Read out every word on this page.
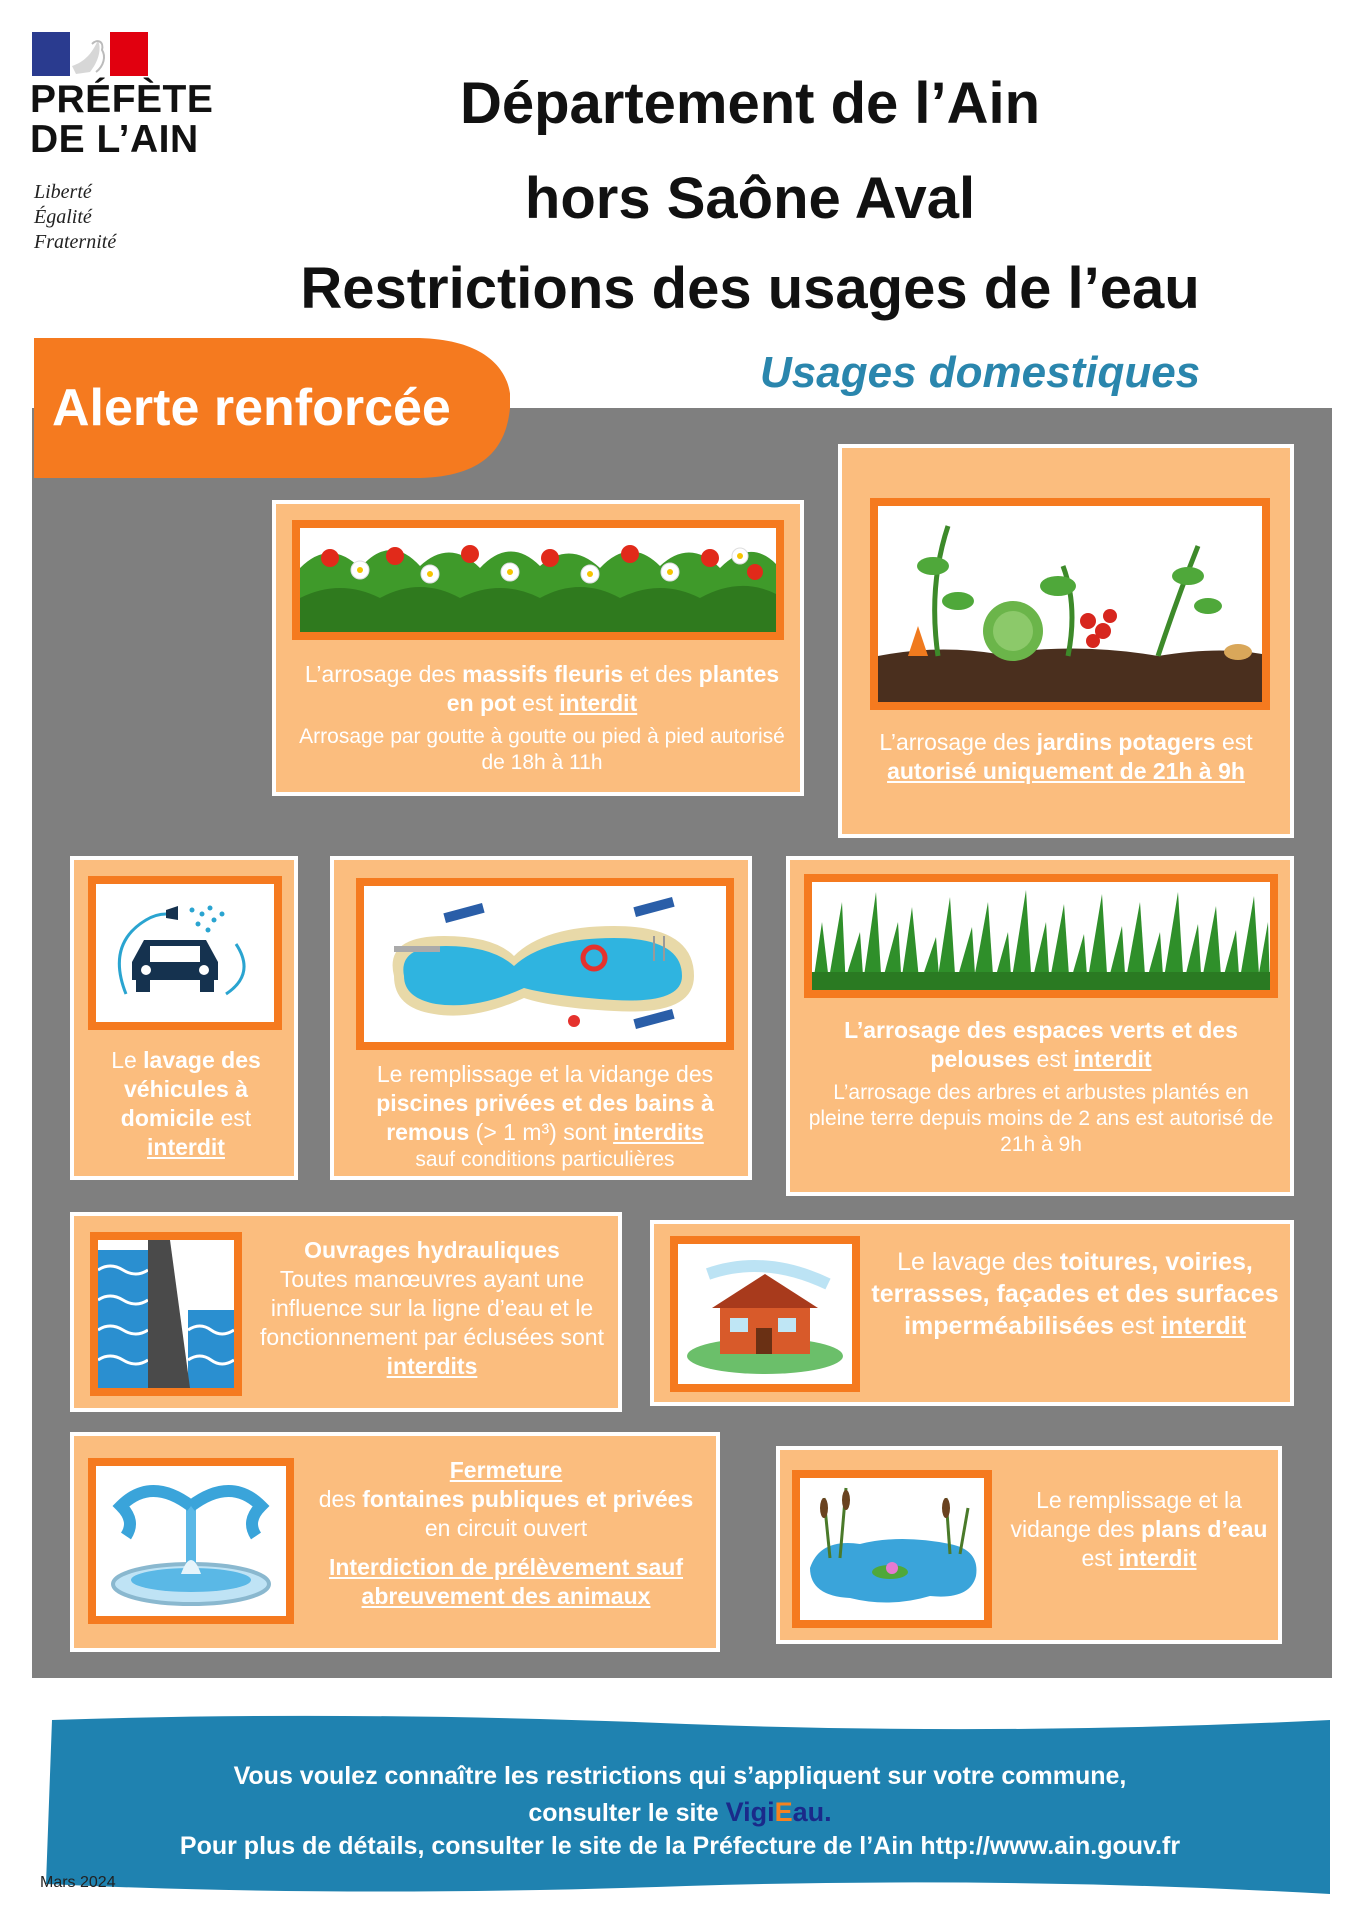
PRÉFÈTE
DE L’AIN
Liberté
Égalité
Fraternité
Département de l’Ain
hors Saône Aval
Restrictions des usages de l’eau
Alerte renforcée
Usages domestiques

L’arrosage des massifs fleuris et des plantes en pot est interdit

Arrosage par goutte à goutte ou pied à pied autorisé de 18h à 11h

L’arrosage des jardins potagers est autorisé uniquement de 21h à 9h

Le lavage des véhicules à domicile est interdit

Le remplissage et la vidange des piscines privées et des bains à remous (> 1 m³) sont interdits

sauf conditions particulières

L’arrosage des espaces verts et des pelouses est interdit

L’arrosage des arbres et arbustes plantés en pleine terre depuis moins de 2 ans est autorisé de 21h à 9h

Ouvrages hydrauliques

Toutes manœuvres ayant une influence sur la ligne d’eau et le fonctionnement par éclusées sont interdits

Le lavage des toitures, voiries, terrasses, façades et des surfaces imperméabilisées est interdit

Fermeture

des fontaines publiques et privées en circuit ouvert

Interdiction de prélèvement sauf abreuvement des animaux

Le remplissage et la vidange des plans d’eau est interdit

Vous voulez connaître les restrictions qui s’appliquent sur votre commune,
consulter le site VigiEau.
Pour plus de détails, consulter le site de la Préfecture de l’Ain http://www.ain.gouv.fr
Mars 2024
